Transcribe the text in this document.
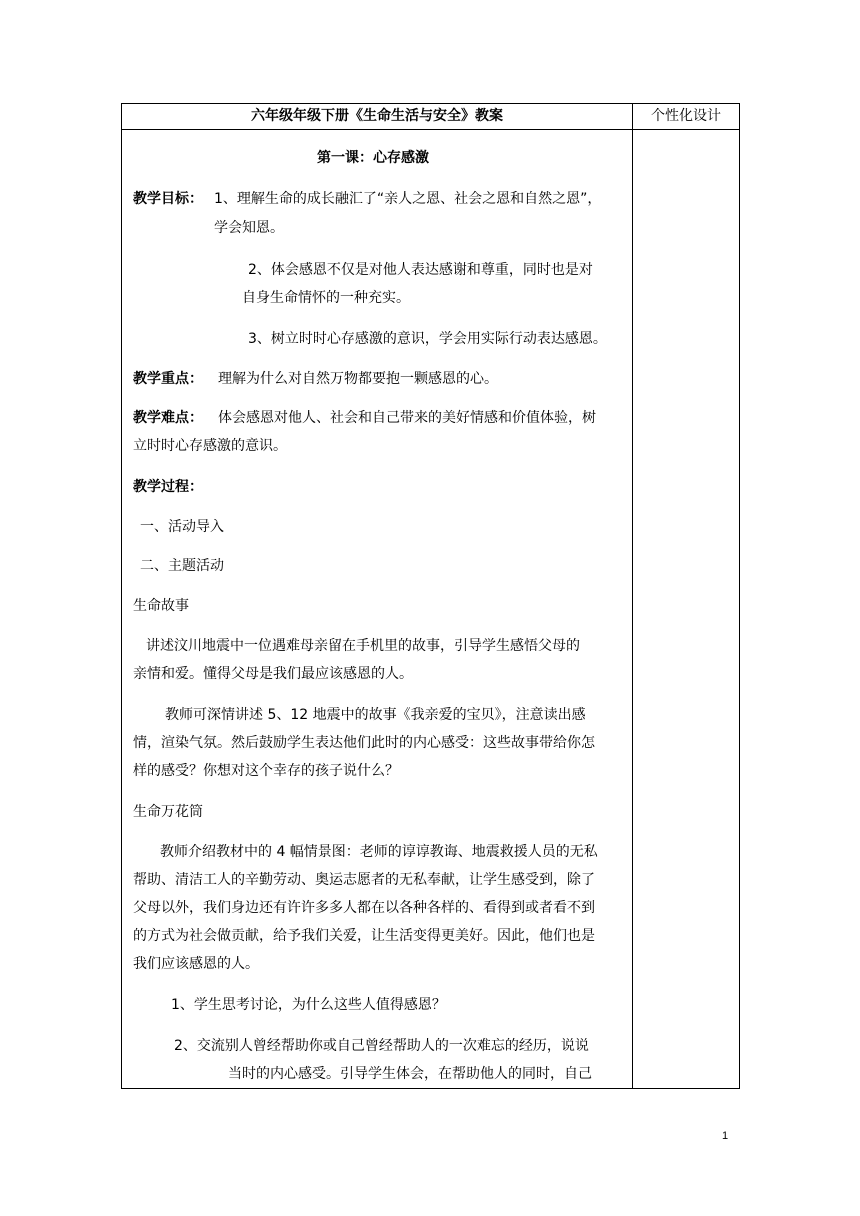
六年级年级下册《生命生活与安全》教案	个性化设计
第一课：心存感激
教学目标： 1、理解生命的成长融汇了“亲人之恩、社会之恩和自然之恩”，
学会知恩。
2、体会感恩不仅是对他人表达感谢和尊重，同时也是对
自身生命情怀的一种充实。
3、树立时时心存感激的意识，学会用实际行动表达感恩。
教学重点： 理解为什么对自然万物都要抱一颗感恩的心。
教学难点： 体会感恩对他人、社会和自己带来的美好情感和价值体验，树
立时时心存感激的意识。
教学过程：
一、活动导入
二、主题活动
生命故事
讲述汶川地震中一位遇难母亲留在手机里的故事，引导学生感悟父母的
亲情和爱。懂得父母是我们最应该感恩的人。
教师可深情讲述 5、12 地震中的故事《我亲爱的宝贝》，注意读出感
情，渲染气氛。然后鼓励学生表达他们此时的内心感受：这些故事带给你怎
样的感受？你想对这个幸存的孩子说什么？
生命万花筒
教师介绍教材中的 4 幅情景图：老师的谆谆教诲、地震救援人员的无私
帮助、清洁工人的辛勤劳动、奥运志愿者的无私奉献，让学生感受到，除了
父母以外，我们身边还有许许多多人都在以各种各样的、看得到或者看不到
的方式为社会做贡献，给予我们关爱，让生活变得更美好。因此，他们也是
我们应该感恩的人。
1、学生思考讨论，为什么这些人值得感恩？
2、交流别人曾经帮助你或自己曾经帮助人的一次难忘的经历，说说
当时的内心感受。引导学生体会，在帮助他人的同时，自己
1
